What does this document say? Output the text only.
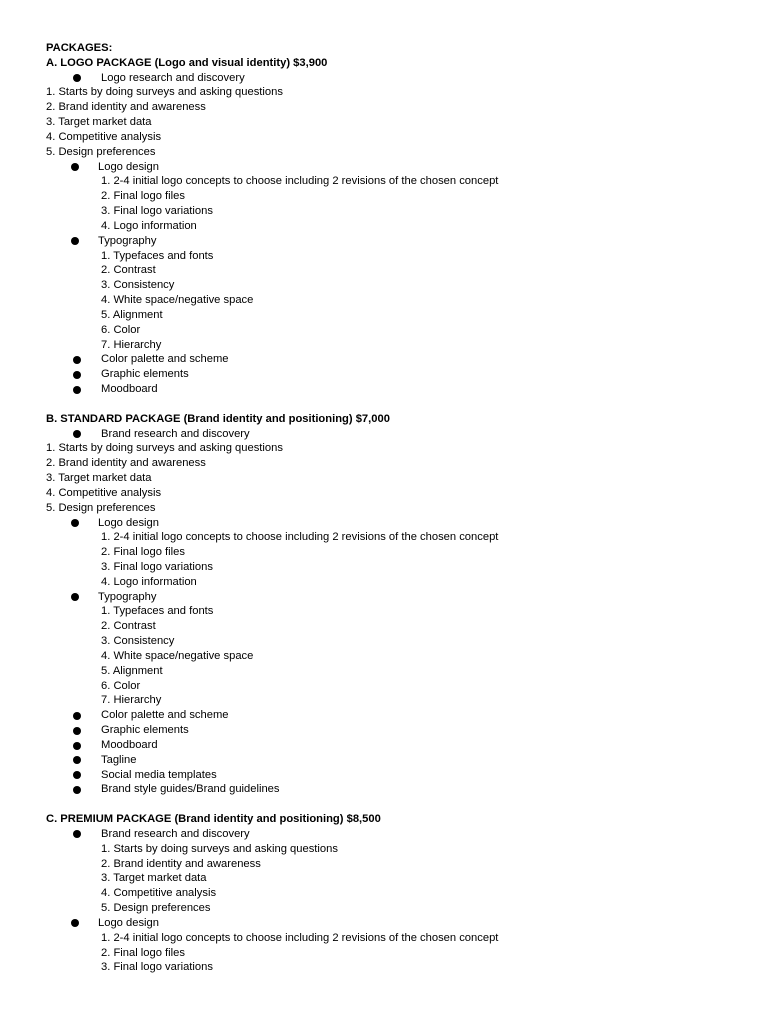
PACKAGES:
A. LOGO PACKAGE (Logo and visual identity) $3,900
Logo research and discovery
1. Starts by doing surveys and asking questions
2. Brand identity and awareness
3. Target market data
4. Competitive analysis
5. Design preferences
Logo design
1. 2-4 initial logo concepts to choose including 2 revisions of the chosen concept
2. Final logo files
3. Final logo variations
4. Logo information
Typography
1. Typefaces and fonts
2. Contrast
3. Consistency
4. White space/negative space
5. Alignment
6. Color
7. Hierarchy
Color palette and scheme
Graphic elements
Moodboard
B. STANDARD PACKAGE (Brand identity and positioning) $7,000
Brand research and discovery
1. Starts by doing surveys and asking questions
2. Brand identity and awareness
3. Target market data
4. Competitive analysis
5. Design preferences
Logo design
1. 2-4 initial logo concepts to choose including 2 revisions of the chosen concept
2. Final logo files
3. Final logo variations
4. Logo information
Typography
1. Typefaces and fonts
2. Contrast
3. Consistency
4. White space/negative space
5. Alignment
6. Color
7. Hierarchy
Color palette and scheme
Graphic elements
Moodboard
Tagline
Social media templates
Brand style guides/Brand guidelines
C. PREMIUM PACKAGE (Brand identity and positioning) $8,500
Brand research and discovery
1. Starts by doing surveys and asking questions
2. Brand identity and awareness
3. Target market data
4. Competitive analysis
5. Design preferences
Logo design
1. 2-4 initial logo concepts to choose including 2 revisions of the chosen concept
2. Final logo files
3. Final logo variations
